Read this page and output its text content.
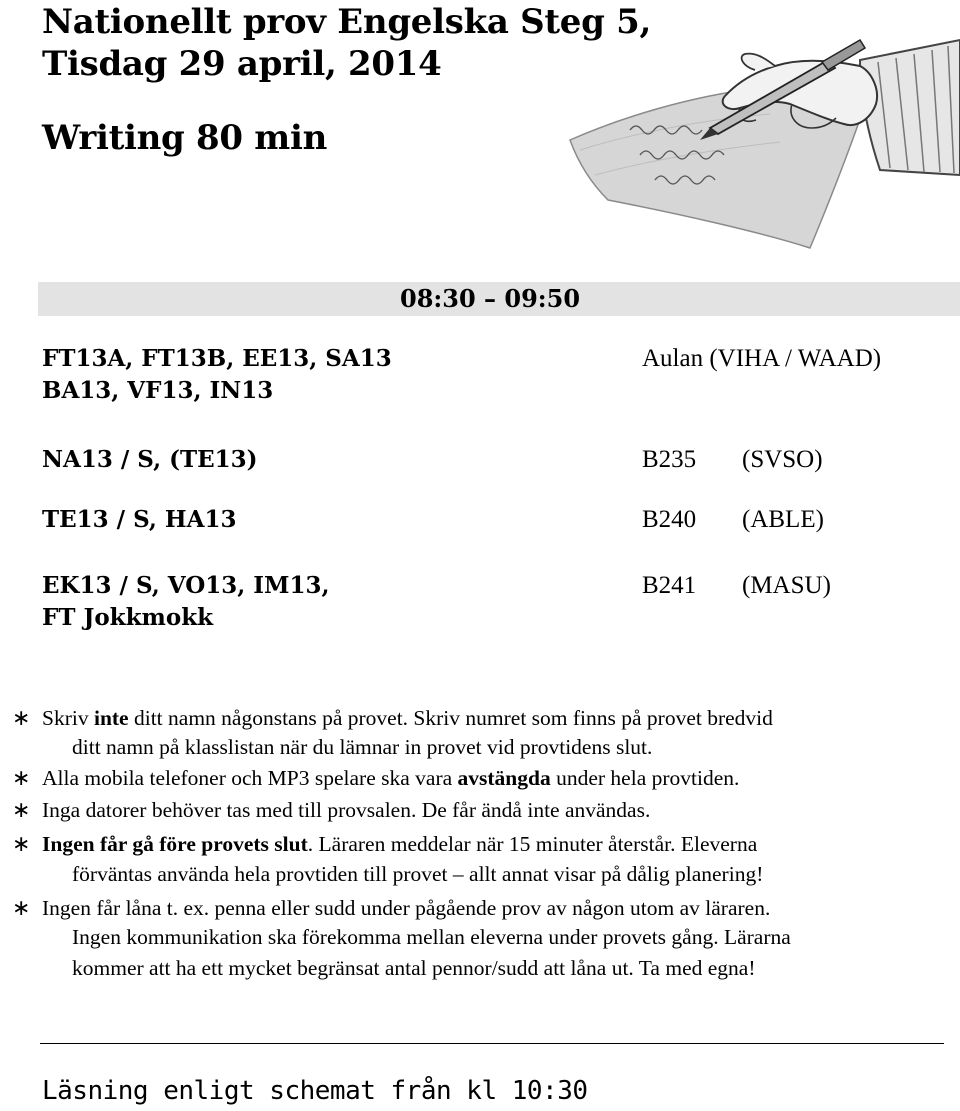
Nationellt prov Engelska Steg 5,
Tisdag 29 april, 2014
Writing 80 min
08:30 – 09:50
FT13A, FT13B, EE13, SA13
BA13, VF13, IN13
Aulan (VIHA / WAAD)
NA13 / S, (TE13)	B235 (SVSO)
TE13 / S, HA13	B240 (ABLE)
EK13 / S, VO13, IM13,
FT Jokkmokk
B241 (MASU)
∗ Skriv inte ditt namn någonstans på provet. Skriv numret som finns på provet bredvid
ditt namn på klasslistan när du lämnar in provet vid provtidens slut.
∗ Alla mobila telefoner och MP3 spelare ska vara avstängda under hela provtiden.
∗ Inga datorer behöver tas med till provsalen. De får ändå inte användas.
∗ Ingen får gå före provets slut. Läraren meddelar när 15 minuter återstår. Eleverna
förväntas använda hela provtiden till provet – allt annat visar på dålig planering!
∗ Ingen får låna t. ex. penna eller sudd under pågående prov av någon utom av läraren.
Ingen kommunikation ska förekomma mellan eleverna under provets gång. Lärarna
kommer att ha ett mycket begränsat antal pennor/sudd att låna ut. Ta med egna!
Läsning enligt schemat från kl 10:30
